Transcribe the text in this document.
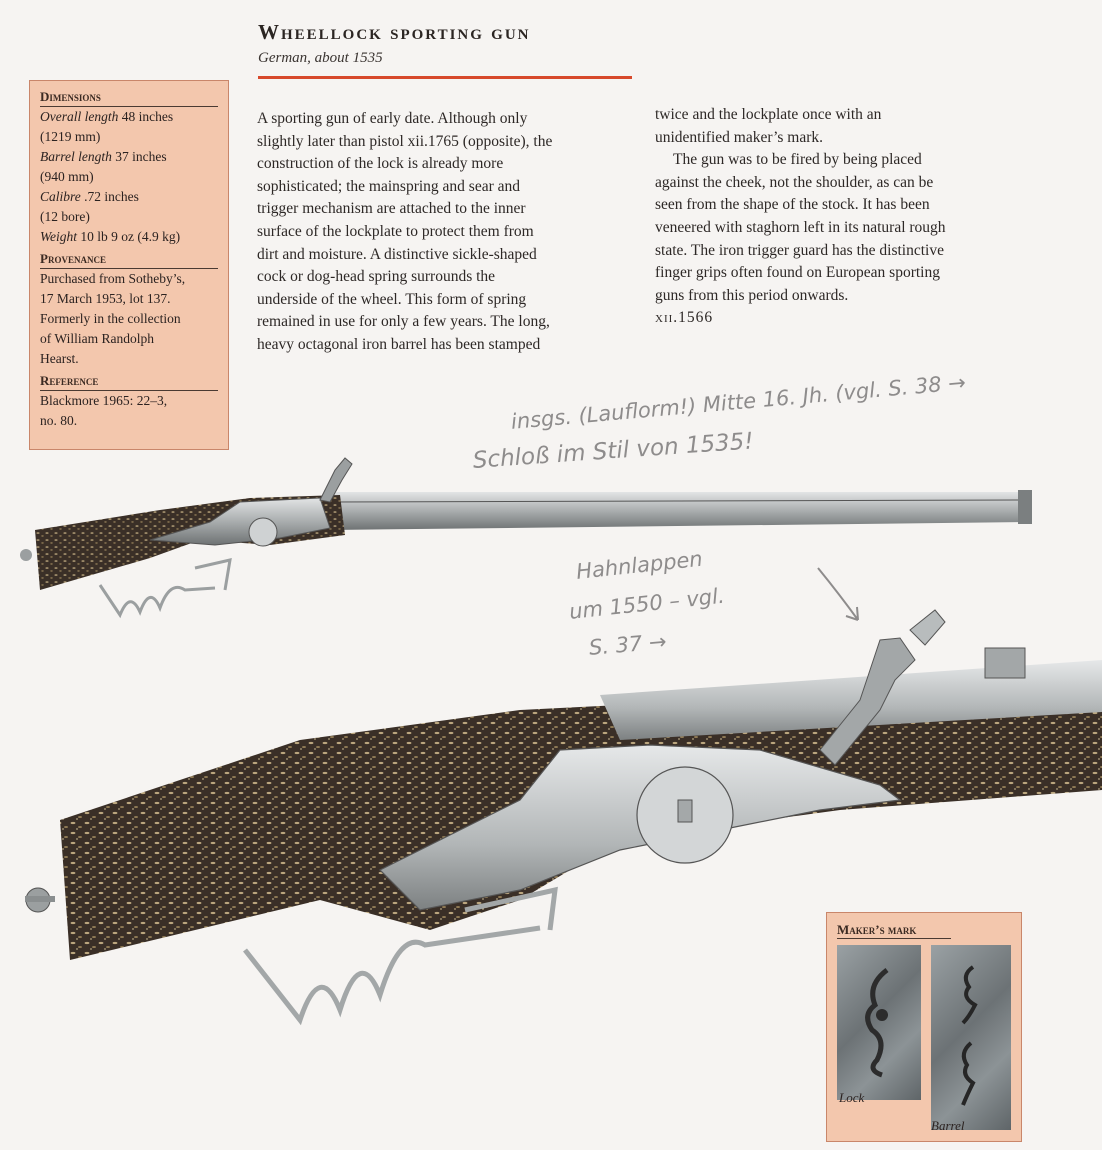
Wheellock sporting gun
German, about 1535
Dimensions
Overall length 48 inches
(1219 mm)
Barrel length 37 inches
(940 mm)
Calibre .72 inches
(12 bore)
Weight 10 lb 9 oz (4.9 kg)
Provenance
Purchased from Sotheby’s,
17 March 1953, lot 137.
Formerly in the collection
of William Randolph
Hearst.
Reference
Blackmore 1965: 22–3,
no. 80.
A sporting gun of early date. Although only
slightly later than pistol xii.1765 (opposite), the
construction of the lock is already more
sophisticated; the mainspring and sear and
trigger mechanism are attached to the inner
surface of the lockplate to protect them from
dirt and moisture. A distinctive sickle-shaped
cock or dog-head spring surrounds the
underside of the wheel. This form of spring
remained in use for only a few years. The long,
heavy octagonal iron barrel has been stamped
twice and the lockplate once with an
unidentified maker’s mark.
The gun was to be fired by being placed
against the cheek, not the shoulder, as can be
seen from the shape of the stock. It has been
veneered with staghorn left in its natural rough
state. The iron trigger guard has the distinctive
finger grips often found on European sporting
guns from this period onwards.
xii.1566
insgs. (Lauflorm!) Mitte 16. Jh. (vgl. S. 38 →
Schloß im Stil von 1535!
Hahnlappen
um 1550 – vgl.
S. 37 →
Maker’s mark
Lock
Barrel
